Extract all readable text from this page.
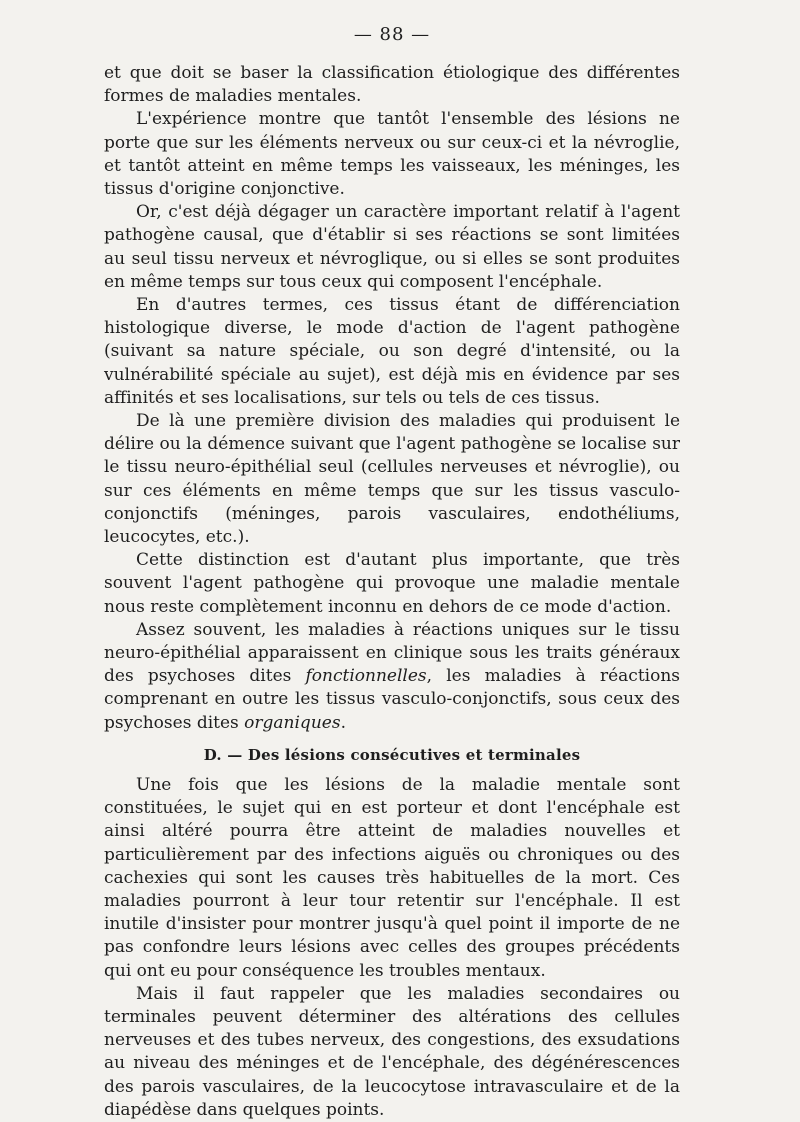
— 88 —

et que doit se baser la classification étiologique des différentes formes de maladies mentales.

L'expérience montre que tantôt l'ensemble des lésions ne porte que sur les éléments nerveux ou sur ceux-ci et la névroglie, et tantôt atteint en même temps les vaisseaux, les méninges, les tissus d'origine conjonctive.

Or, c'est déjà dégager un caractère important relatif à l'agent pathogène causal, que d'établir si ses réactions se sont limitées au seul tissu nerveux et névroglique, ou si elles se sont produites en même temps sur tous ceux qui composent l'encéphale.

En d'autres termes, ces tissus étant de différenciation histologique diverse, le mode d'action de l'agent pathogène (suivant sa nature spéciale, ou son degré d'intensité, ou la vulnérabilité spéciale au sujet), est déjà mis en évidence par ses affinités et ses localisations, sur tels ou tels de ces tissus.

De là une première division des maladies qui produisent le délire ou la démence suivant que l'agent pathogène se localise sur le tissu neuro-épithélial seul (cellules nerveuses et névroglie), ou sur ces éléments en même temps que sur les tissus vasculo-conjonctifs (méninges, parois vasculaires, endothéliums, leucocytes, etc.).

Cette distinction est d'autant plus importante, que très souvent l'agent pathogène qui provoque une maladie mentale nous reste complètement inconnu en dehors de ce mode d'action.

Assez souvent, les maladies à réactions uniques sur le tissu neuro-épithélial apparaissent en clinique sous les traits généraux des psychoses dites fonctionnelles, les maladies à réactions comprenant en outre les tissus vasculo-conjonctifs, sous ceux des psychoses dites organiques.

D. — Des lésions consécutives et terminales

Une fois que les lésions de la maladie mentale sont constituées, le sujet qui en est porteur et dont l'encéphale est ainsi altéré pourra être atteint de maladies nouvelles et particulièrement par des infections aiguës ou chroniques ou des cachexies qui sont les causes très habituelles de la mort. Ces maladies pourront à leur tour retentir sur l'encéphale. Il est inutile d'insister pour montrer jusqu'à quel point il importe de ne pas confondre leurs lésions avec celles des groupes précédents qui ont eu pour conséquence les troubles mentaux.

Mais il faut rappeler que les maladies secondaires ou terminales peuvent déterminer des altérations des cellules nerveuses et des tubes nerveux, des congestions, des exsudations au niveau des méninges et de l'encéphale, des dégénérescences des parois vasculaires, de la leucocytose intravasculaire et de la diapédèse dans quelques points.
